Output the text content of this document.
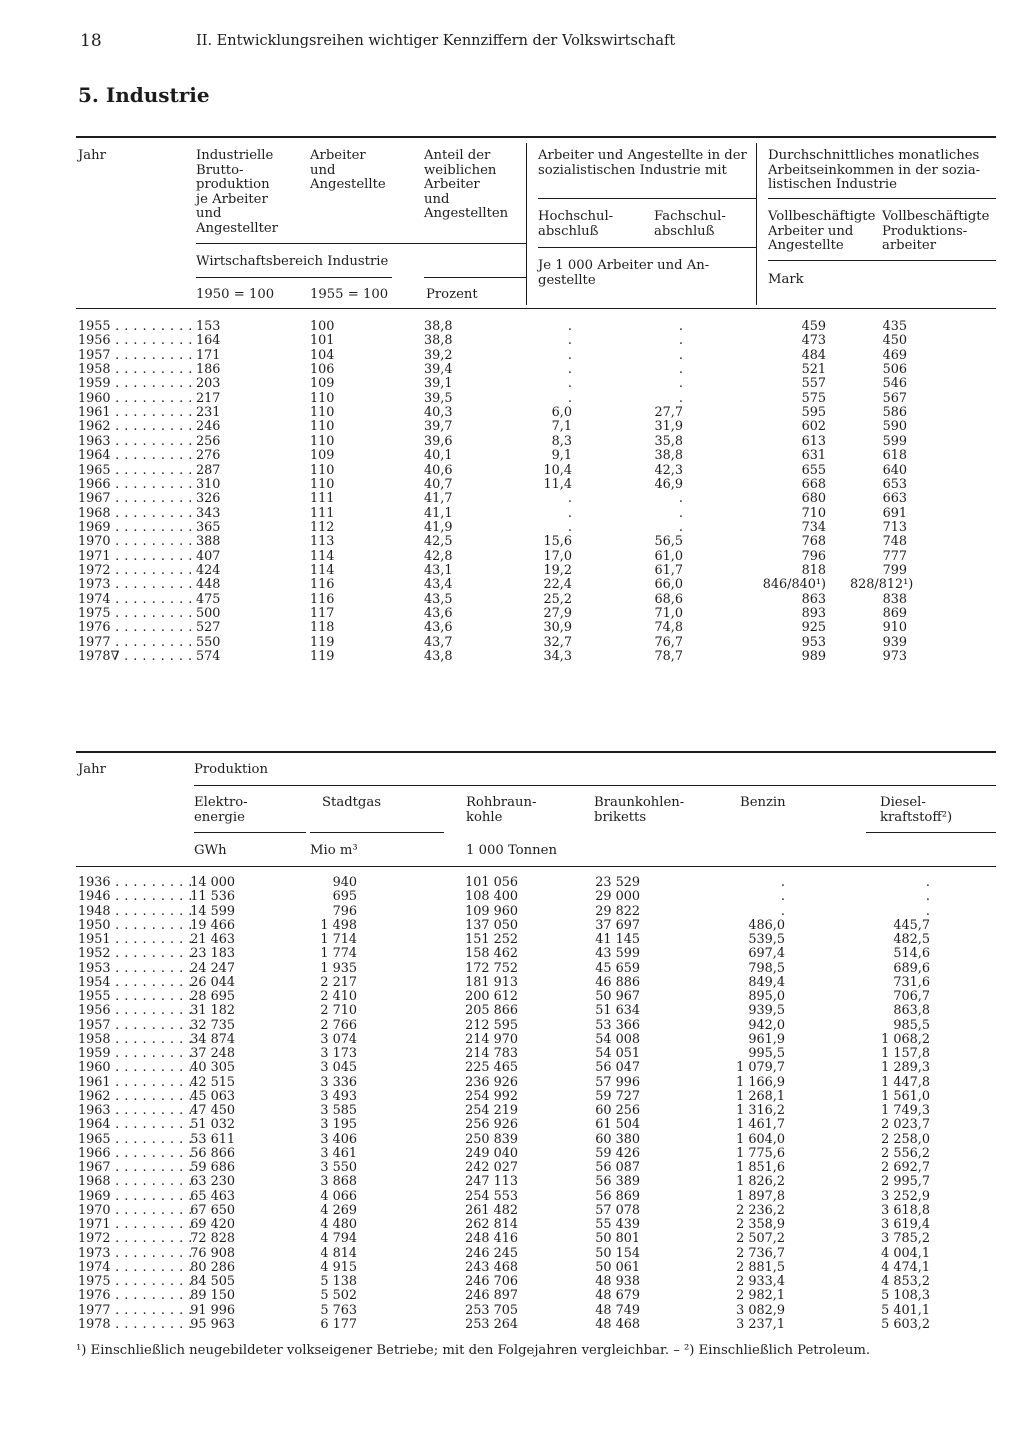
18	II. Entwicklungsreihen wichtiger Kennziffern der Volkswirtschaft
5. Industrie
Jahr	Industrielle
Brutto-
produktion
je Arbeiter
und
Angestellter
Arbeiter
und
Angestellte
Anteil der
weiblichen
Arbeiter
und
Angestellten
Arbeiter und Angestellte in der
sozialistischen Industrie mit
Hochschul-
abschluß
Fachschul-
abschluß
Durchschnittliches monatliches
Arbeitseinkommen in der sozia-
listischen Industrie
Vollbeschäftigte
Arbeiter und
Angestellte
Vollbeschäftigte
Produktions-
arbeiter
Wirtschaftsbereich Industrie
1950 = 100	1955 = 100	Prozent
Je 1 000 Arbeiter und An-
gestellte	Mark
1955 . . .	153	100	38,8	.	.	459	435
1956 . . .	164	101	38,8	.	.	473	450
1957 . . .	171	104	39,2	.	.	484	469
1958 . . .	186	106	39,4	.	.	521	506
1959 . . .	203	109	39,1	.	.	557	546
1960 . . .	217	110	39,5	.	.	575	567
1961 . . .	231	110	40,3	6,0	27,7	595	586
1962 . . .	246	110	39,7	7,1	31,9	602	590
1963 . . .	256	110	39,6	8,3	35,8	613	599
1964 . . .	276	109	40,1	9,1	38,8	631	618
1965 . . .	287	110	40,6	10,4	42,3	655	640
1966 . . .	310	110	40,7	11,4	46,9	668	653
1967 . . .	326	111	41,7	.	.	680	663
1968 . . .	343	111	41,1	.	.	710	691
1969 . . .	365	112	41,9	.	.	734	713
1970 . . .	388	113	42,5	15,6	56,5	768	748
1971 . . .	407	114	42,8	17,0	61,0	796	777
1972 . . .	424	114	43,1	19,2	61,7	818	799
1973 . . .	448	116	43,4	22,4	66,0	846/840¹) 828/812¹)
1974 . . .	475	116	43,5	25,2	68,6	863	838
1975 . . .	500	117	43,6	27,9	71,0	893	869
1976 . . .	527	118	43,6	30,9	74,8	925	910
1977 . . .	550	119	43,7	32,7	76,7	953	939
1978∇ . . .	574	119	43,8	34,3	78,7	989	973
Jahr	Produktion
Elektro-
energie
Stadtgas	Rohbraun-
kohle
Braunkohlen-
briketts
Benzin	Diesel-
kraftstoff²)
GWh	Mio m³	1 000 Tonnen
1936 . . .	14 000	940	101 056	23 529	.	.
1946 . . .	11 536	695	108 400	29 000	.	.
1948 . . .	14 599	796	109 960	29 822	.	.
1950 . . .	19 466	1 498	137 050	37 697	486,0	445,7
1951 . . .	21 463	1 714	151 252	41 145	539,5	482,5
1952 . . .	23 183	1 774	158 462	43 599	697,4	514,6
1953 . . .	24 247	1 935	172 752	45 659	798,5	689,6
1954 . . .	26 044	2 217	181 913	46 886	849,4	731,6
1955 . . .	28 695	2 410	200 612	50 967	895,0	706,7
1956 . . .	31 182	2 710	205 866	51 634	939,5	863,8
1957 . . .	32 735	2 766	212 595	53 366	942,0	985,5
1958 . . .	34 874	3 074	214 970	54 008	961,9	1 068,2
1959 . . .	37 248	3 173	214 783	54 051	995,5	1 157,8
1960 . . .	40 305	3 045	225 465	56 047	1 079,7	1 289,3
1961 . . .	42 515	3 336	236 926	57 996	1 166,9	1 447,8
1962 . . .	45 063	3 493	254 992	59 727	1 268,1	1 561,0
1963 . . .	47 450	3 585	254 219	60 256	1 316,2	1 749,3
1964 . . .	51 032	3 195	256 926	61 504	1 461,7	2 023,7
1965 . . .	53 611	3 406	250 839	60 380	1 604,0	2 258,0
1966 . . .	56 866	3 461	249 040	59 426	1 775,6	2 556,2
1967 . . .	59 686	3 550	242 027	56 087	1 851,6	2 692,7
1968 . . .	63 230	3 868	247 113	56 389	1 826,2	2 995,7
1969 . . .	65 463	4 066	254 553	56 869	1 897,8	3 252,9
1970 . . .	67 650	4 269	261 482	57 078	2 236,2	3 618,8
1971 . . .	69 420	4 480	262 814	55 439	2 358,9	3 619,4
1972 . . .	72 828	4 794	248 416	50 801	2 507,2	3 785,2
1973 . . .	76 908	4 814	246 245	50 154	2 736,7	4 004,1
1974 . . .	80 286	4 915	243 468	50 061	2 881,5	4 474,1
1975 . . .	84 505	5 138	246 706	48 938	2 933,4	4 853,2
1976 . . .	89 150	5 502	246 897	48 679	2 982,1	5 108,3
1977 . . .	91 996	5 763	253 705	48 749	3 082,9	5 401,1
1978 . . .	95 963	6 177	253 264	48 468	3 237,1	5 603,2
¹) Einschließlich neugebildeter volkseigener Betriebe; mit den Folgejahren vergleichbar. – ²) Einschließlich Petroleum.
